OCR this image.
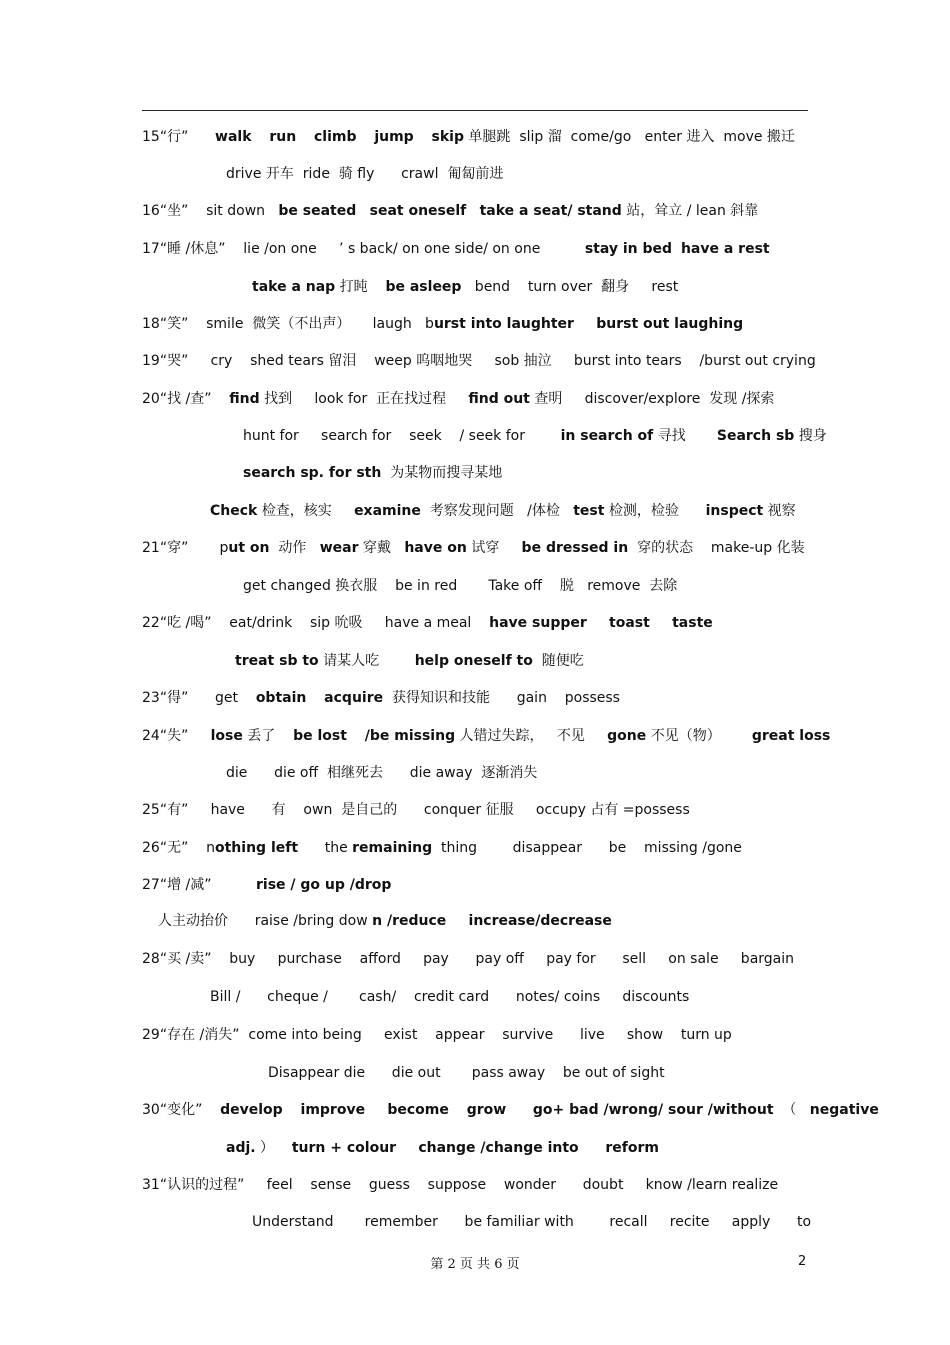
15“行”      walk run climb jump skip 单腿跳  slip 溜  come/go   enter 进入  move 搬迁
drive 开车  ride  骑 fly      crawl  匍匐前进
16“坐”    sit down   be seated seat oneself take a seat/ stand 站，耸立 / lean 斜靠
17“睡 /休息”    lie /on one     ’ s back/ on one side/ on one          stay in bed have a rest
take a nap 打盹    be asleep   bend    turn over  翻身     rest
18“笑”    smile  微笑（不出声）     laugh   burst into laughter burst out laughing
19“哭”     cry    shed tears 留泪    weep 呜咽地哭     sob 抽泣     burst into tears    /burst out crying
20“找 /查”    find 找到     look for  正在找过程     find out 查明     discover/explore  发现 /探索
hunt for     search for    seek    / seek for        in search of 寻找       Search sb 搜身
search sp. for sth  为某物而搜寻某地
Check 检查，核实     examine  考察发现问题   /体检   test 检测，检验      inspect 视察
21“穿”       put on  动作   wear 穿戴   have on 试穿     be dressed in  穿的状态    make-up 化装
get changed 换衣服    be in red       Take off    脱   remove  去除
22“吃 /喝”    eat/drink    sip 吮吸     have a meal    have supper toast taste
treat sb to 请某人吃        help oneself to  随便吃
23“得”      get    obtain acquire  获得知识和技能      gain    possess
24“失”     lose 丢了    be lost /be missing 人错过失踪，   不见     gone 不见（物）       great loss
die      die off  相继死去      die away  逐渐消失
25“有”     have      有    own  是自己的      conquer 征服     occupy 占有 =possess
26“无”    nothing left      the remaining  thing        disappear      be    missing /gone
27“增 /减”          rise / go up /drop
人主动抬价      raise /bring dow n /reduce increase/decrease
28“买 /卖”    buy     purchase    afford     pay      pay off     pay for      sell     on sale     bargain
Bill /      cheque /       cash/    credit card      notes/ coins     discounts
29“存在 /消失”  come into being     exist    appear    survive      live     show    turn up
Disappear die      die out       pass away    be out of sight
30“变化”    develop improve become grow go+ bad /wrong/ sour /without  （   negative
adj. ）    turn + colour change /change into reform
31“认识的过程”     feel    sense    guess    suppose    wonder      doubt     know /learn realize
Understand       remember      be familiar with        recall     recite     apply      to
第 2 页 共 6 页	2
